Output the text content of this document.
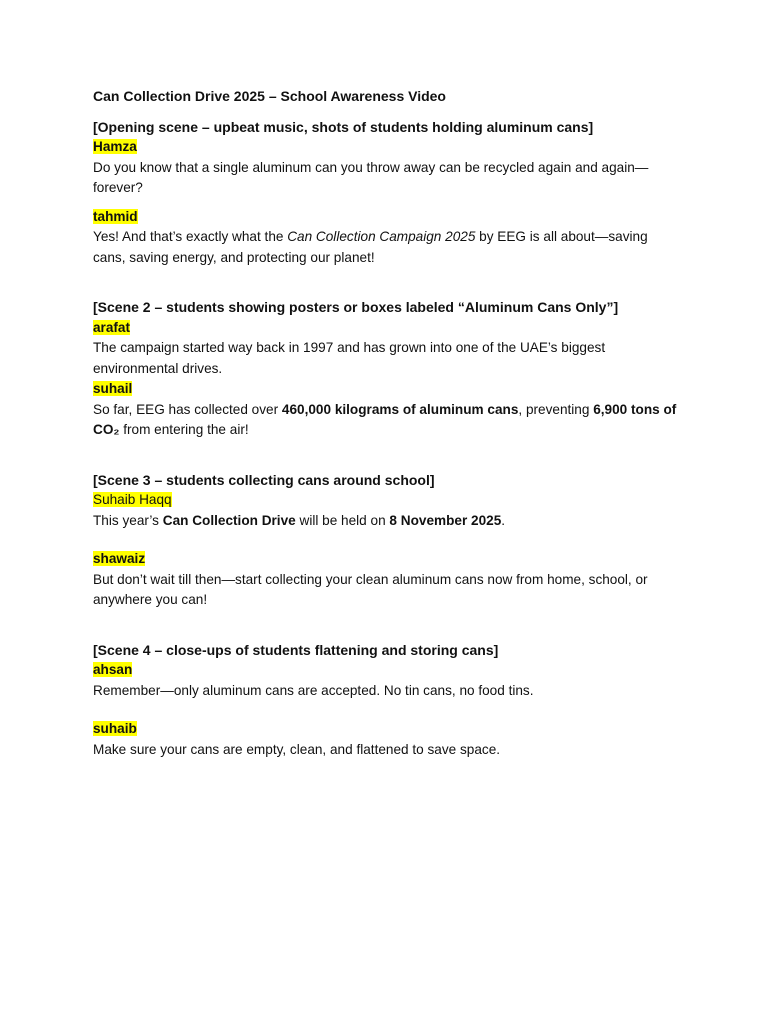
Can Collection Drive 2025 – School Awareness Video

[Opening scene – upbeat music, shots of students holding aluminum cans]

Hamza

Do you know that a single aluminum can you throw away can be recycled again and again—forever?

tahmid

Yes! And that’s exactly what the Can Collection Campaign 2025 by EEG is all about—saving cans, saving energy, and protecting our planet!

[Scene 2 – students showing posters or boxes labeled “Aluminum Cans Only”]

arafat

The campaign started way back in 1997 and has grown into one of the UAE’s biggest environmental drives.

suhail

So far, EEG has collected over 460,000 kilograms of aluminum cans, preventing 6,900 tons of CO₂ from entering the air!

[Scene 3 – students collecting cans around school]

Suhaib Haqq

This year’s Can Collection Drive will be held on 8 November 2025.

shawaiz

But don’t wait till then—start collecting your clean aluminum cans now from home, school, or anywhere you can!

[Scene 4 – close-ups of students flattening and storing cans]

ahsan

Remember—only aluminum cans are accepted. No tin cans, no food tins.

suhaib

Make sure your cans are empty, clean, and flattened to save space.
